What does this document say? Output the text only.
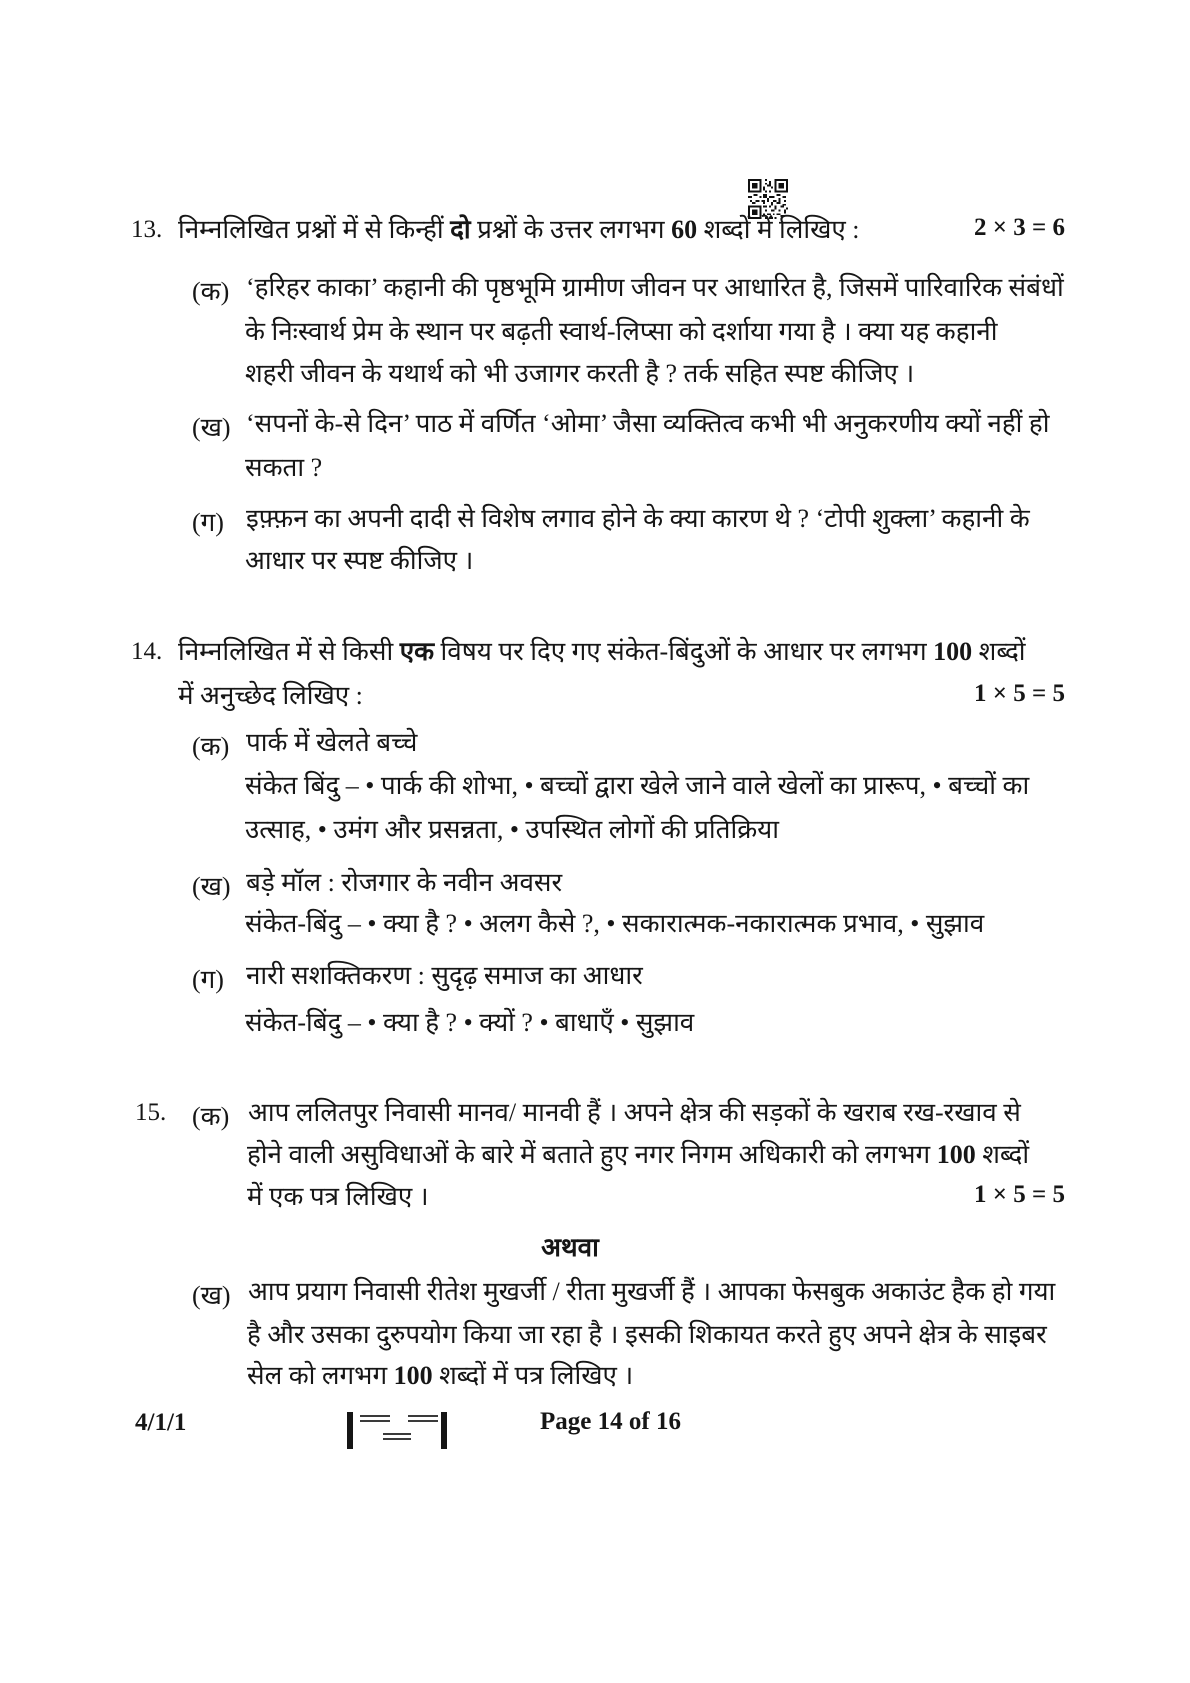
13. निम्नलिखित प्रश्नों में से किन्हीं दो प्रश्नों के उत्तर लगभग 60 शब्दों में लिखिए :	2 × 3 = 6
(क) ‘हरिहर काका’ कहानी की पृष्ठभूमि ग्रामीण जीवन पर आधारित है, जिसमें पारिवारिक संबंधों
के निःस्वार्थ प्रेम के स्थान पर बढ़ती स्वार्थ-लिप्सा को दर्शाया गया है । क्या यह कहानी
शहरी जीवन के यथार्थ को भी उजागर करती है ? तर्क सहित स्पष्ट कीजिए ।
(ख) ‘सपनों के-से दिन’ पाठ में वर्णित ‘ओमा’ जैसा व्यक्तित्व कभी भी अनुकरणीय क्यों नहीं हो
सकता ?
(ग) इफ़्फ़न का अपनी दादी से विशेष लगाव होने के क्या कारण थे ? ‘टोपी शुक्ला’ कहानी के
आधार पर स्पष्ट कीजिए ।
14. निम्नलिखित में से किसी एक विषय पर दिए गए संकेत-बिंदुओं के आधार पर लगभग 100 शब्दों
में अनुच्छेद लिखिए :	1 × 5 = 5
(क) पार्क में खेलते बच्चे
संकेत बिंदु – • पार्क की शोभा, • बच्चों द्वारा खेले जाने वाले खेलों का प्रारूप, • बच्चों का
उत्साह, • उमंग और प्रसन्नता, • उपस्थित लोगों की प्रतिक्रिया
(ख) बड़े मॉल : रोजगार के नवीन अवसर
संकेत-बिंदु – • क्या है ? • अलग कैसे ?, • सकारात्मक-नकारात्मक प्रभाव, • सुझाव
(ग) नारी सशक्तिकरण : सुदृढ़ समाज का आधार
संकेत-बिंदु – • क्या है ? • क्यों ? • बाधाएँ • सुझाव
15. (क) आप ललितपुर निवासी मानव/ मानवी हैं । अपने क्षेत्र की सड़कों के खराब रख-रखाव से
होने वाली असुविधाओं के बारे में बताते हुए नगर निगम अधिकारी को लगभग 100 शब्दों
में एक पत्र लिखिए ।	1 × 5 = 5
अथवा
(ख) आप प्रयाग निवासी रीतेश मुखर्जी / रीता मुखर्जी हैं । आपका फेसबुक अकाउंट हैक हो गया
है और उसका दुरुपयोग किया जा रहा है । इसकी शिकायत करते हुए अपने क्षेत्र के साइबर
सेल को लगभग 100 शब्दों में पत्र लिखिए ।
4/1/1	Page 14 of 16
